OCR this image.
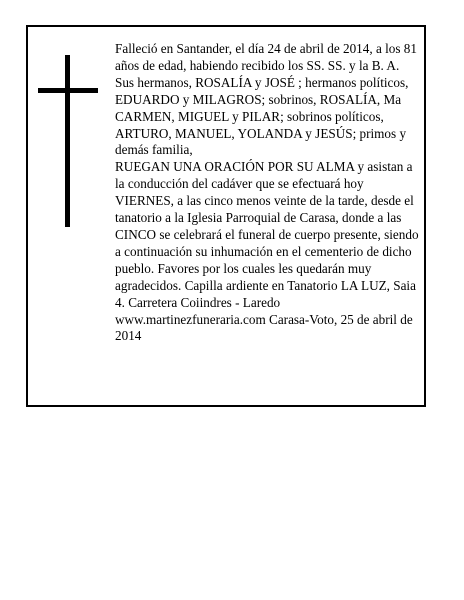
Falleció en Santander, el día 24 de abril de 2014, a los 81 años de edad, habiendo recibido los SS. SS. y la B. A.

Sus hermanos, ROSALÍA y JOSÉ ; hermanos políticos, EDUARDO y MILAGROS; sobrinos, ROSALÍA, Ma CARMEN, MIGUEL y PILAR; sobrinos políticos, ARTURO, MANUEL, YOLANDA y JESÚS; primos y demás familia,

RUEGAN UNA ORACIÓN POR SU ALMA y asistan a la conducción del cadáver que se efectuará hoy VIERNES, a las cinco menos veinte de la tarde, desde el tanatorio a la Iglesia Parroquial de Carasa, donde a las CINCO se celebrará el funeral de cuerpo presente, siendo a continuación su inhumación en el cementerio de dicho pueblo. Favores por los cuales les quedarán muy agradecidos. Capilla ardiente en Tanatorio LA LUZ, Saia 4. Carretera Coiindres - Laredo www.martinezfuneraria.com Carasa-Voto, 25 de abril de 2014
